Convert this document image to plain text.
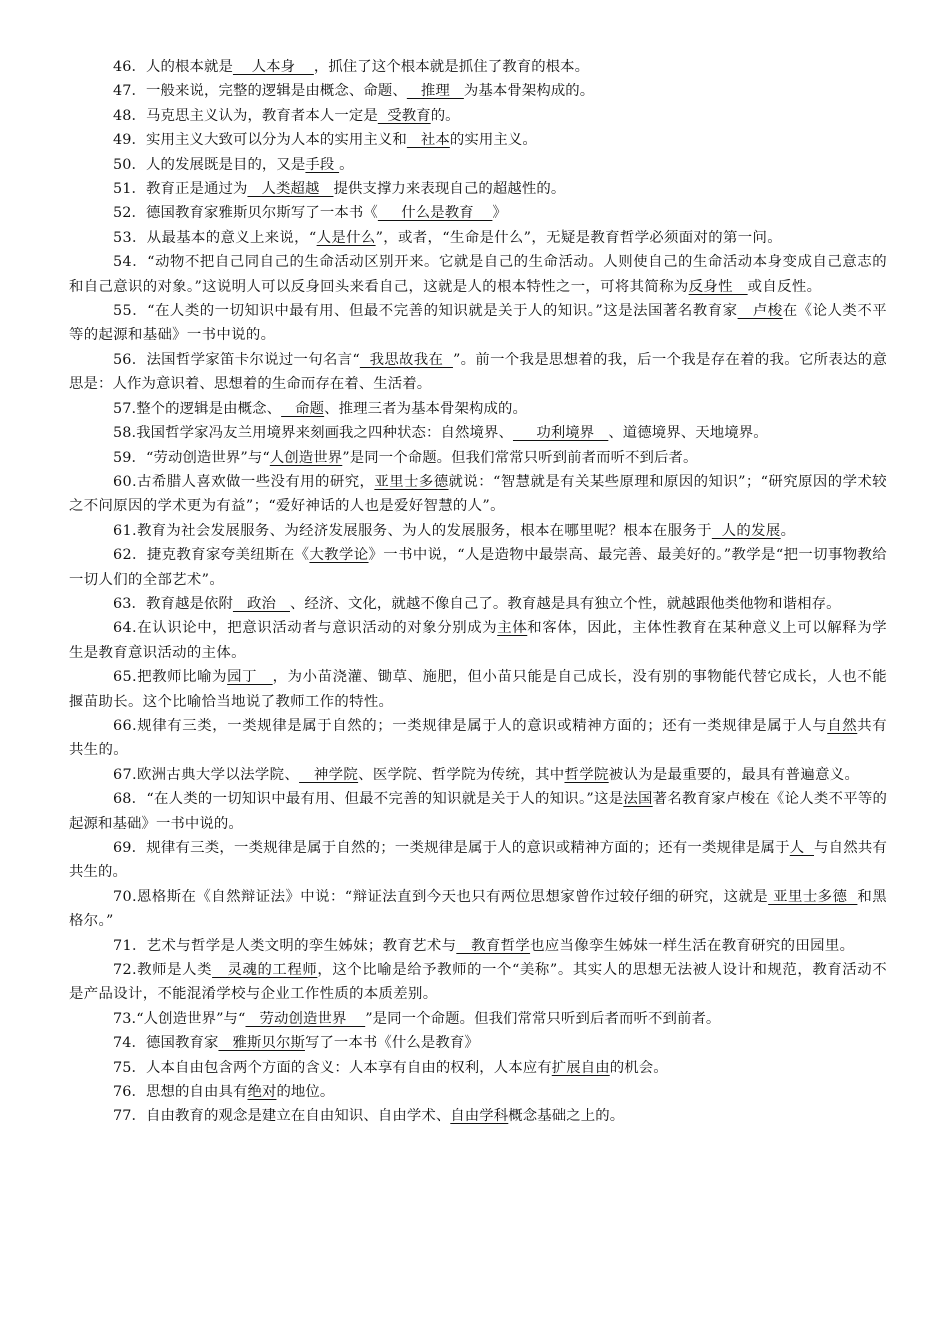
46．人的根本就是    人本身    ，抓住了这个根本就是抓住了教育的根本。
47．一般来说，完整的逻辑是由概念、命题、   推理   为基本骨架构成的。
48．马克思主义认为，教育者本人一定是  受教育的。
49．实用主义大致可以分为人本的实用主义和   社本的实用主义。
50．人的发展既是目的，又是手段 。
51．教育正是通过为   人类超越   提供支撑力来表现自己的超越性的。
52．德国教育家雅斯贝尔斯写了一本书《     什么是教育    》
53．从最基本的意义上来说，“人是什么”，或者，“生命是什么”，无疑是教育哲学必须面对的第一问。
54．“动物不把自己同自己的生命活动区别开来。它就是自己的生命活动。人则使自己的生命活动本身变成自己意志的和自己意识的对象。”这说明人可以反身回头来看自己，这就是人的根本特性之一，可将其简称为反身性   或自反性。
55．“在人类的一切知识中最有用、但最不完善的知识就是关于人的知识。”这是法国著名教育家   卢梭在《论人类不平等的起源和基础》一书中说的。
56．法国哲学家笛卡尔说过一句名言“  我思故我在  ”。前一个我是思想着的我，后一个我是存在着的我。它所表达的意思是：人作为意识着、思想着的生命而存在着、生活着。
57.整个的逻辑是由概念、   命题、推理三者为基本骨架构成的。
58.我国哲学家冯友兰用境界来刻画我之四种状态：自然境界、     功利境界   、道德境界、天地境界。
59．“劳动创造世界”与“人创造世界”是同一个命题。但我们常常只听到前者而听不到后者。
60.古希腊人喜欢做一些没有用的研究，亚里士多德就说：“智慧就是有关某些原理和原因的知识”；“研究原因的学术较之不问原因的学术更为有益”；“爱好神话的人也是爱好智慧的人”。
61.教育为社会发展服务、为经济发展服务、为人的发展服务，根本在哪里呢？根本在服务于  人的发展。
62．捷克教育家夸美纽斯在《大教学论》一书中说，“人是造物中最崇高、最完善、最美好的。”教学是“把一切事物教给一切人们的全部艺术”。
63．教育越是依附   政治   、经济、文化，就越不像自己了。教育越是具有独立个性，就越跟他类他物和谐相存。
64.在认识论中，把意识活动者与意识活动的对象分别成为主体和客体，因此，主体性教育在某种意义上可以解释为学生是教育意识活动的主体。
65.把教师比喻为园丁   ，为小苗浇灌、锄草、施肥，但小苗只能是自己成长，没有别的事物能代替它成长，人也不能揠苗助长。这个比喻恰当地说了教师工作的特性。
66.规律有三类，一类规律是属于自然的；一类规律是属于人的意识或精神方面的；还有一类规律是属于人与自然共有共生的。
67.欧洲古典大学以法学院、   神学院、医学院、哲学院为传统，其中哲学院被认为是最重要的，最具有普遍意义。
68．“在人类的一切知识中最有用、但最不完善的知识就是关于人的知识。”这是法国著名教育家卢梭在《论人类不平等的起源和基础》一书中说的。
69．规律有三类，一类规律是属于自然的；一类规律是属于人的意识或精神方面的；还有一类规律是属于人  与自然共有共生的。
70.恩格斯在《自然辩证法》中说：“辩证法直到今天也只有两位思想家曾作过较仔细的研究，这就是 亚里士多德  和黑格尔。”
71．艺术与哲学是人类文明的孪生姊妹；教育艺术与   教育哲学也应当像孪生姊妹一样生活在教育研究的田园里。
72.教师是人类   灵魂的工程师，这个比喻是给予教师的一个“美称”。其实人的思想无法被人设计和规范，教育活动不是产品设计，不能混淆学校与企业工作性质的本质差别。
73.“人创造世界”与“   劳动创造世界    ”是同一个命题。但我们常常只听到后者而听不到前者。
74．德国教育家   雅斯贝尔斯写了一本书《什么是教育》
75．人本自由包含两个方面的含义：人本享有自由的权利，人本应有扩展自由的机会。
76．思想的自由具有绝对的地位。
77．自由教育的观念是建立在自由知识、自由学术、自由学科概念基础之上的。
